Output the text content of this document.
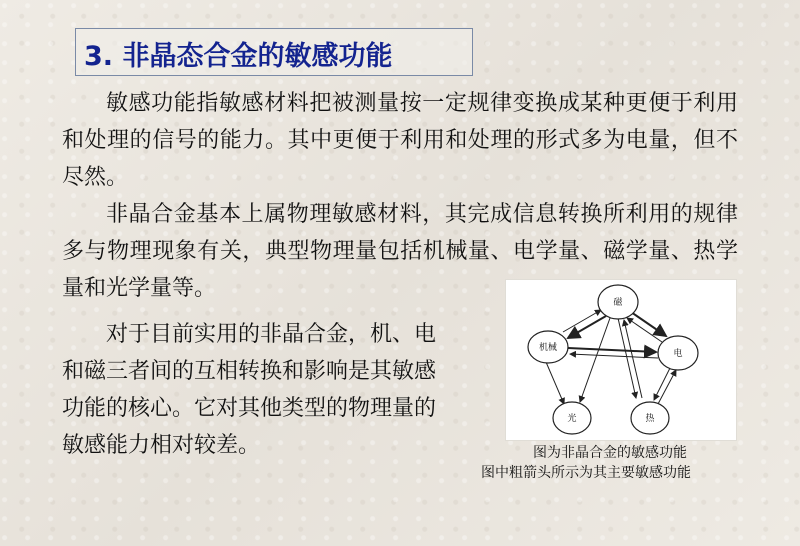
3. 非晶态合金的敏感功能
敏感功能指敏感材料把被测量按一定规律变换成某种更便于利用和处理的信号的能力。其中更便于利用和处理的形式多为电量，但不尽然。
非晶合金基本上属物理敏感材料，其完成信息转换所利用的规律多与物理现象有关，典型物理量包括机械量、电学量、磁学量、热学量和光学量等。
对于目前实用的非晶合金，机、电
和磁三者间的互相转换和影响是其敏感
功能的核心。它对其他类型的物理量的
敏感能力相对较差。
磁
机械
电
光	热
图为非晶合金的敏感功能
图中粗箭头所示为其主要敏感功能
